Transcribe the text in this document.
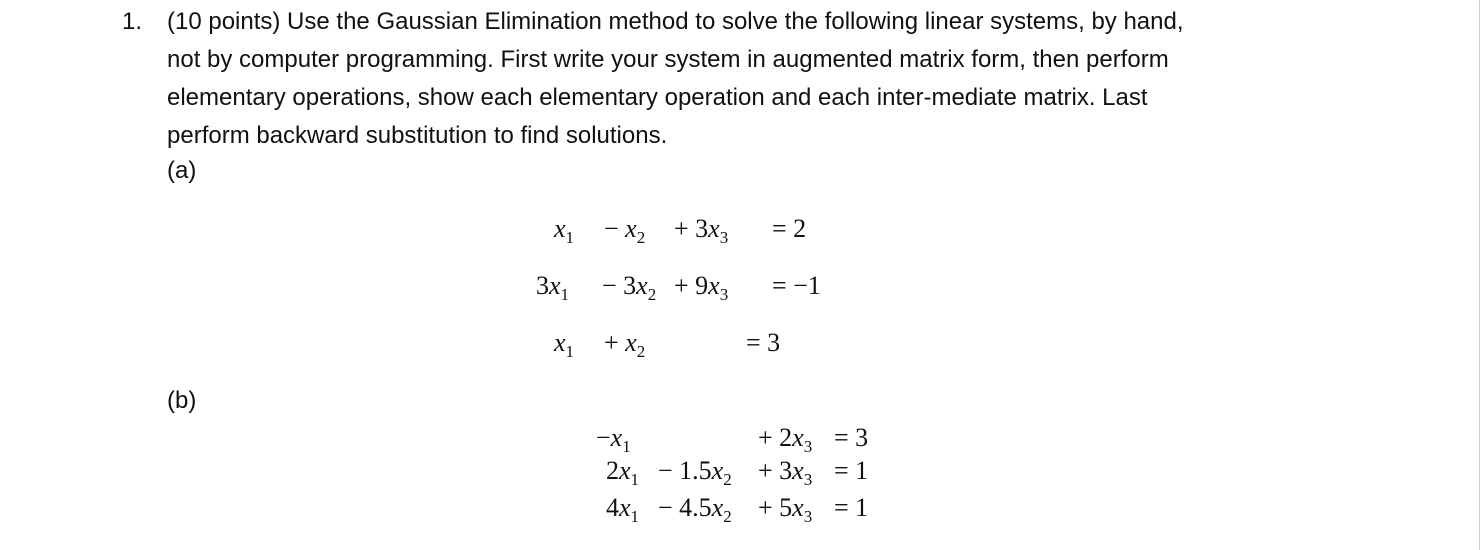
1. (10 points) Use the Gaussian Elimination method to solve the following linear systems, by hand,
not by computer programming. First write your system in augmented matrix form, then perform
elementary operations, show each elementary operation and each inter-mediate matrix. Last
perform backward substitution to find solutions.
(a)
$x_1 - x_2 + 3x_3 = 2$
$3x_1 - 3x_2 + 9x_3 = -1$
$x_1 + x_2$	= 3
(b)
$-x_1$	+ $2x_3 = 3$
$2x_1 - 1.5x_2 + 3x_3 = 1$
$4x_1 - 4.5x_2 + 5x_3 = 1$
